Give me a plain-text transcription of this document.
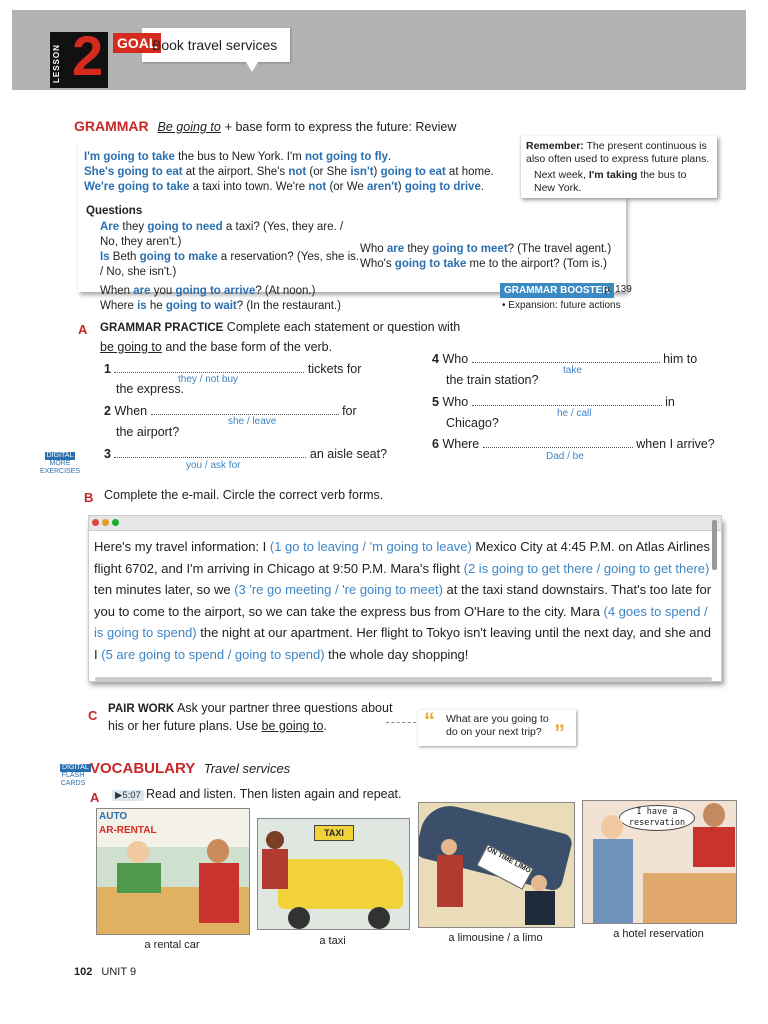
LESSON 2 GOAL
Book travel services
GRAMMAR Be going to + base form to express the future: Review
Remember: The present continuous is also often used to express future plans.
Next week, I'm taking the bus to New York.
I'm going to take the bus to New York. I'm not going to fly.
She's going to eat at the airport. She's not (or She isn't) going to eat at home.
We're going to take a taxi into town. We're not (or We aren't) going to drive.
Questions
Are they going to need a taxi? (Yes, they are. / No, they aren't.)
Is Beth going to make a reservation? (Yes, she is. / No, she isn't.)
When are you going to arrive? (At noon.)
Where is he going to wait? (In the restaurant.)
Who are they going to meet? (The travel agent.)
Who's going to take me to the airport? (Tom is.)
GRAMMAR BOOSTER
p. 139
• Expansion: future actions
A GRAMMAR PRACTICE Complete each statement or question with
be going to and the base form of the verb.
1	tickets for
they / not buy
the express.
2 When	for
she / leave
the airport?
3	an aisle seat?
you / ask for
4 Who	him to
take
the train station?
5 Who	in
he / call
Chicago?
6 Where	when I arrive?
Dad / be
DIGITAL
MORE
EXERCISES
B Complete the e-mail. Circle the correct verb forms.
Here's my travel information: I (1 go to leaving / 'm going to leave) Mexico City at 4:45 P.M. on Atlas Airlines flight 6702, and I'm arriving in Chicago at 9:50 P.M. Mara's flight (2 is going to get there / going to get there) ten minutes later, so we (3 're go meeting / 're going to meet) at the taxi stand downstairs. That's too late for you to come to the airport, so we can take the express bus from O'Hare to the city. Mara (4 goes to spend / is going to spend) the night at our apartment. Her flight to Tokyo isn't leaving until the next day, and she and I (5 are going to spend / going to spend) the whole day shopping!
C PAIR WORK Ask your partner three questions about his or her future plans. Use be going to.	“	”
What are you going to do on your next trip?
DIGITAL
FLASH
CARDS
VOCABULARY Travel services
A	▶5:07 Read and listen. Then listen again and repeat.
AUTO
AR-RENTAL
a rental car
TAXI
a taxi
ON TIME LIMO
a limousine / a limo
I have a reservation
a hotel reservation
102 UNIT 9
